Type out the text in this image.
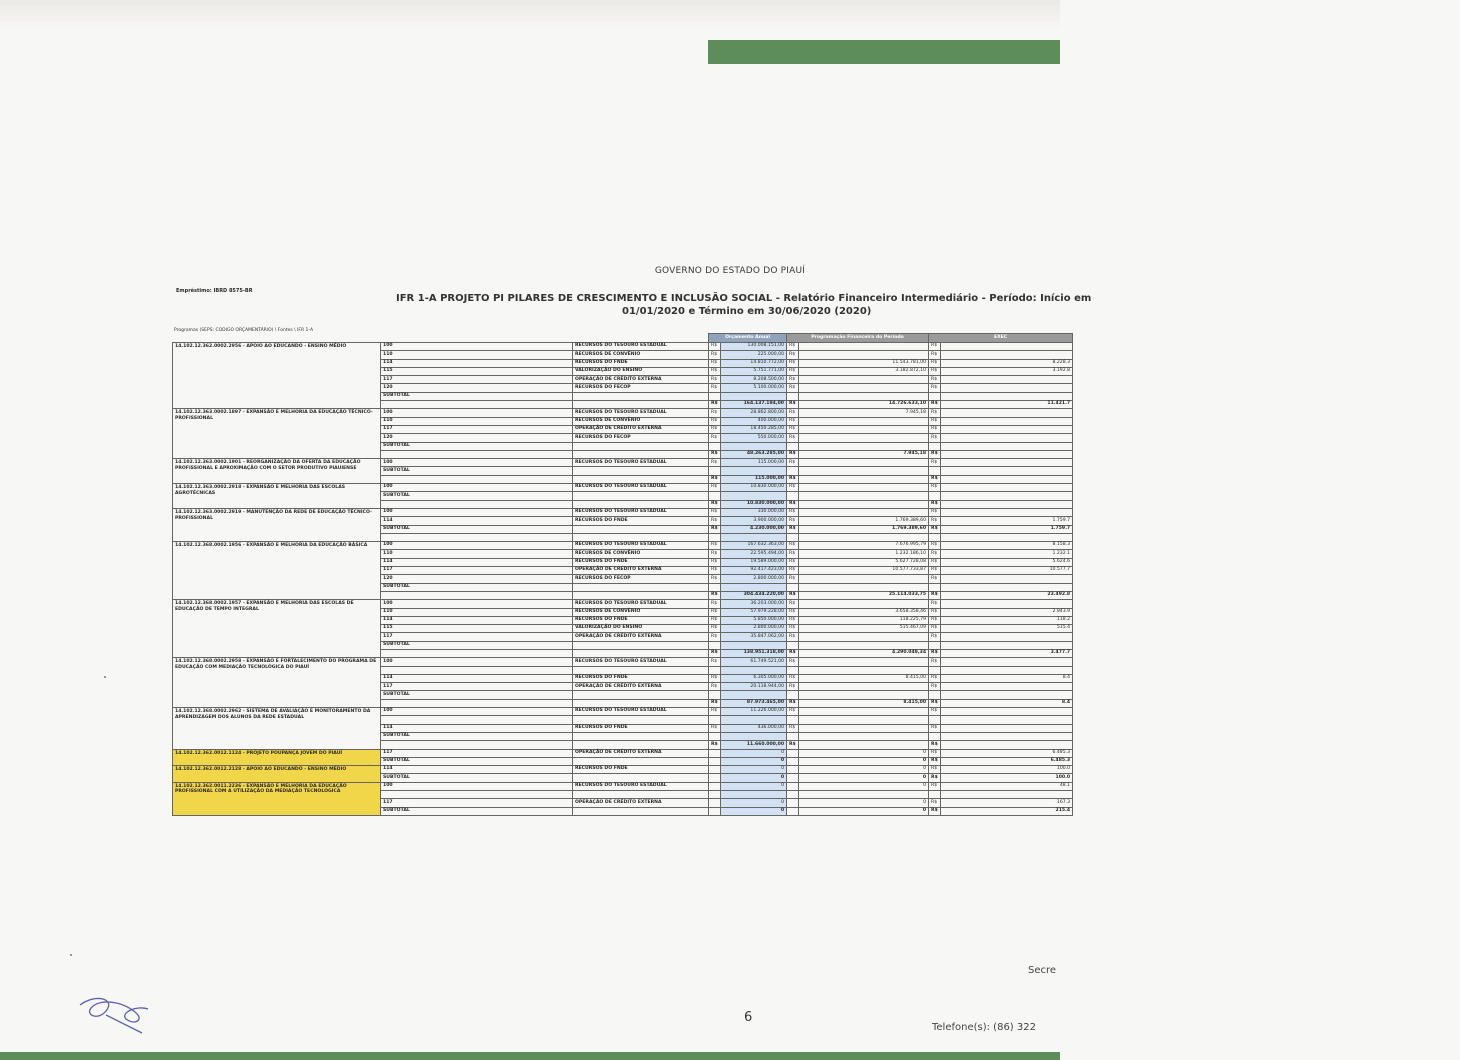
GOVERNO DO ESTADO DO PIAUÍ
Empréstimo: IBRD 8575-BR
IFR 1-A PROJETO PI PILARES DE CRESCIMENTO E INCLUSÃO SOCIAL - Relatório Financeiro Intermediário - Período: Início em
01/01/2020 e Término em 30/06/2020 (2020)
Programas (SEPS: CODIGO ORÇAMENTÁRIO) \ Fontes \ IFR 1-A
			Orçamento Anual		Programação Financeira do Período		EXEC	
14.102.12.362.0002.2956 - APOIO AO EDUCANDO - ENSINO MÉDIO	100	RECURSOS DO TESOURO ESTADUAL	R$	130.008.151,00	R$		R$	
	110	RECURSOS DE CONVÊNIO	R$	225.000,00	R$		R$	
	114	RECURSOS DO FNDE	R$	14.810.772,00	R$	11.543.781,00	R$	8.228.3
	115	VALORIZAÇÃO DO ENSINO	R$	5.751.771,00	R$	3.182.872,10	R$	3.192.8
	117	OPERAÇÃO DE CRÉDITO EXTERNA	R$	8.208.500,00	R$		R$	
	120	RECURSOS DO FECOP	R$	5.100.000,00	R$		R$	
	SUBTOTAL							
			R$	164.137.194,00	R$	14.726.633,10	R$	11.421.7
14.102.12.363.0002.1897 - EXPANSÃO E MELHORIA DA EDUCAÇÃO TÉCNICO-PROFISSIONAL	100	RECURSOS DO TESOURO ESTADUAL	R$	28.862.800,00	R$	7.945,18	R$	
	110	RECURSOS DE CONVÊNIO	R$	400.000,00	R$		R$	
	117	OPERAÇÃO DE CRÉDITO EXTERNA	R$	18.450.285,00	R$		R$	
	120	RECURSOS DO FECOP	R$	550.000,00	R$		R$	
	SUBTOTAL							
			R$	48.263.285,00	R$	7.945,18	R$	
14.102.12.363.0002.1901 - REORGANIZAÇÃO DA OFERTA DA EDUCAÇÃO PROFISSIONAL E APROXIMAÇÃO COM O SETOR PRODUTIVO PIAUIENSE	100	RECURSOS DO TESOURO ESTADUAL	R$	115.000,00	R$		R$	
	SUBTOTAL							
			R$	115.000,00	R$		R$	
14.102.12.363.0002.2918 - EXPANSÃO E MELHORIA DAS ESCOLAS AGROTÉCNICAS	100	RECURSOS DO TESOURO ESTADUAL	R$	10.830.000,00	R$		R$	
	SUBTOTAL							
			R$	10.830.000,00	R$		R$	
14.102.12.363.0002.2919 - MANUTENÇÃO DA REDE DE EDUCAÇÃO TÉCNICO-PROFISSIONAL	100	RECURSOS DO TESOURO ESTADUAL	R$	330.000,00	R$		R$	
	114	RECURSOS DO FNDE	R$	3.900.000,00	R$	1.769.389,60	R$	1.759.7
	SUBTOTAL		R$	4.230.000,00	R$	1.769.389,60	R$	1.759.7

14.102.12.368.0002.1956 - EXPANSÃO E MELHORIA DA EDUCAÇÃO BÁSICA	100	RECURSOS DO TESOURO ESTADUAL	R$	167.632.363,00	R$	7.676.995,79	R$	8.158.3
	110	RECURSOS DE CONVÊNIO	R$	22.595.494,00	R$	1.232.186,10	R$	1.232.1
	114	RECURSOS DO FNDE	R$	19.589.000,00	R$	5.627.728,08	R$	5.624.6
	117	OPERAÇÃO DE CRÉDITO EXTERNA	R$	92.417.423,00	R$	10.577.733,87	R$	10.577.7
	120	RECURSOS DO FECOP	R$	2.800.000,00	R$		R$	
	SUBTOTAL							
			R$	304.434.220,00	R$	25.114.033,75	R$	23.492.8
14.102.12.368.0002.1957 - EXPANSÃO E MELHORIA DAS ESCOLAS DE EDUCAÇÃO DE TEMPO INTEGRAL	100	RECURSOS DO TESOURO ESTADUAL	R$	36.203.000,00	R$		R$	
	110	RECURSOS DE CONVÊNIO	R$	57.979.228,00	R$	3.658.358,46	R$	2.943.9
	114	RECURSOS DO FNDE	R$	5.850.000,00	R$	118.225,79	R$	118.2
	115	VALORIZAÇÃO DO ENSINO	R$	2.800.000,00	R$	515.467,09	R$	515.4
	117	OPERAÇÃO DE CRÉDITO EXTERNA	R$	35.847.062,00	R$		R$	
	SUBTOTAL							
			R$	138.951.318,00	R$	4.290.049,34	R$	3.477.7
14.102.12.368.0002.2958 - EXPANSÃO E FORTALECIMENTO DO PROGRAMA DE EDUCAÇÃO COM MEDIAÇÃO TECNOLÓGICA DO PIAUÍ	100	RECURSOS DO TESOURO ESTADUAL	R$	61.749.521,00	R$		R$	

	114	RECURSOS DO FNDE	R$	6.305.000,00	R$	8.415,00	R$	8.4
	117	OPERAÇÃO DE CRÉDITO EXTERNA	R$	20.118.944,00	R$		R$	
	SUBTOTAL							
			R$	87.973.465,00	R$	8.415,00	R$	8.4
14.102.12.368.0002.2962 - SISTEMA DE AVALIAÇÃO E MONITORAMENTO DA APRENDIZAGEM DOS ALUNOS DA REDE ESTADUAL	100	RECURSOS DO TESOURO ESTADUAL	R$	11.226.000,00	R$		R$	

	114	RECURSOS DO FNDE	R$	436.000,00	R$		R$	
	SUBTOTAL							
			R$	11.660.000,00	R$		R$	
14.102.12.362.0012.1124 - PROJETO POUPANÇA JOVEM DO PIAUÍ	117	OPERAÇÃO DE CRÉDITO EXTERNA		0		0	R$	6.485.3
	SUBTOTAL			0		0	R$	6.485.3
14.102.12.362.0012.2128 - APOIO AO EDUCANDO - ENSINO MÉDIO	114	RECURSOS DO FNDE		0		0	R$	100.0
	SUBTOTAL			0		0	R$	100.0
14.102.12.362.0011.2236 - EXPANSÃO E MELHORIA DA EDUCAÇÃO PROFISSIONAL COM A UTILIZAÇÃO DA MEDIAÇÃO TECNOLÓGICA	100	RECURSOS DO TESOURO ESTADUAL		0		0	R$	48.1

	117	OPERAÇÃO DE CRÉDITO EXTERNA		0		0	R$	167.3
	SUBTOTAL			0		0	R$	215.4
6
Secre
Telefone(s): (86) 322
